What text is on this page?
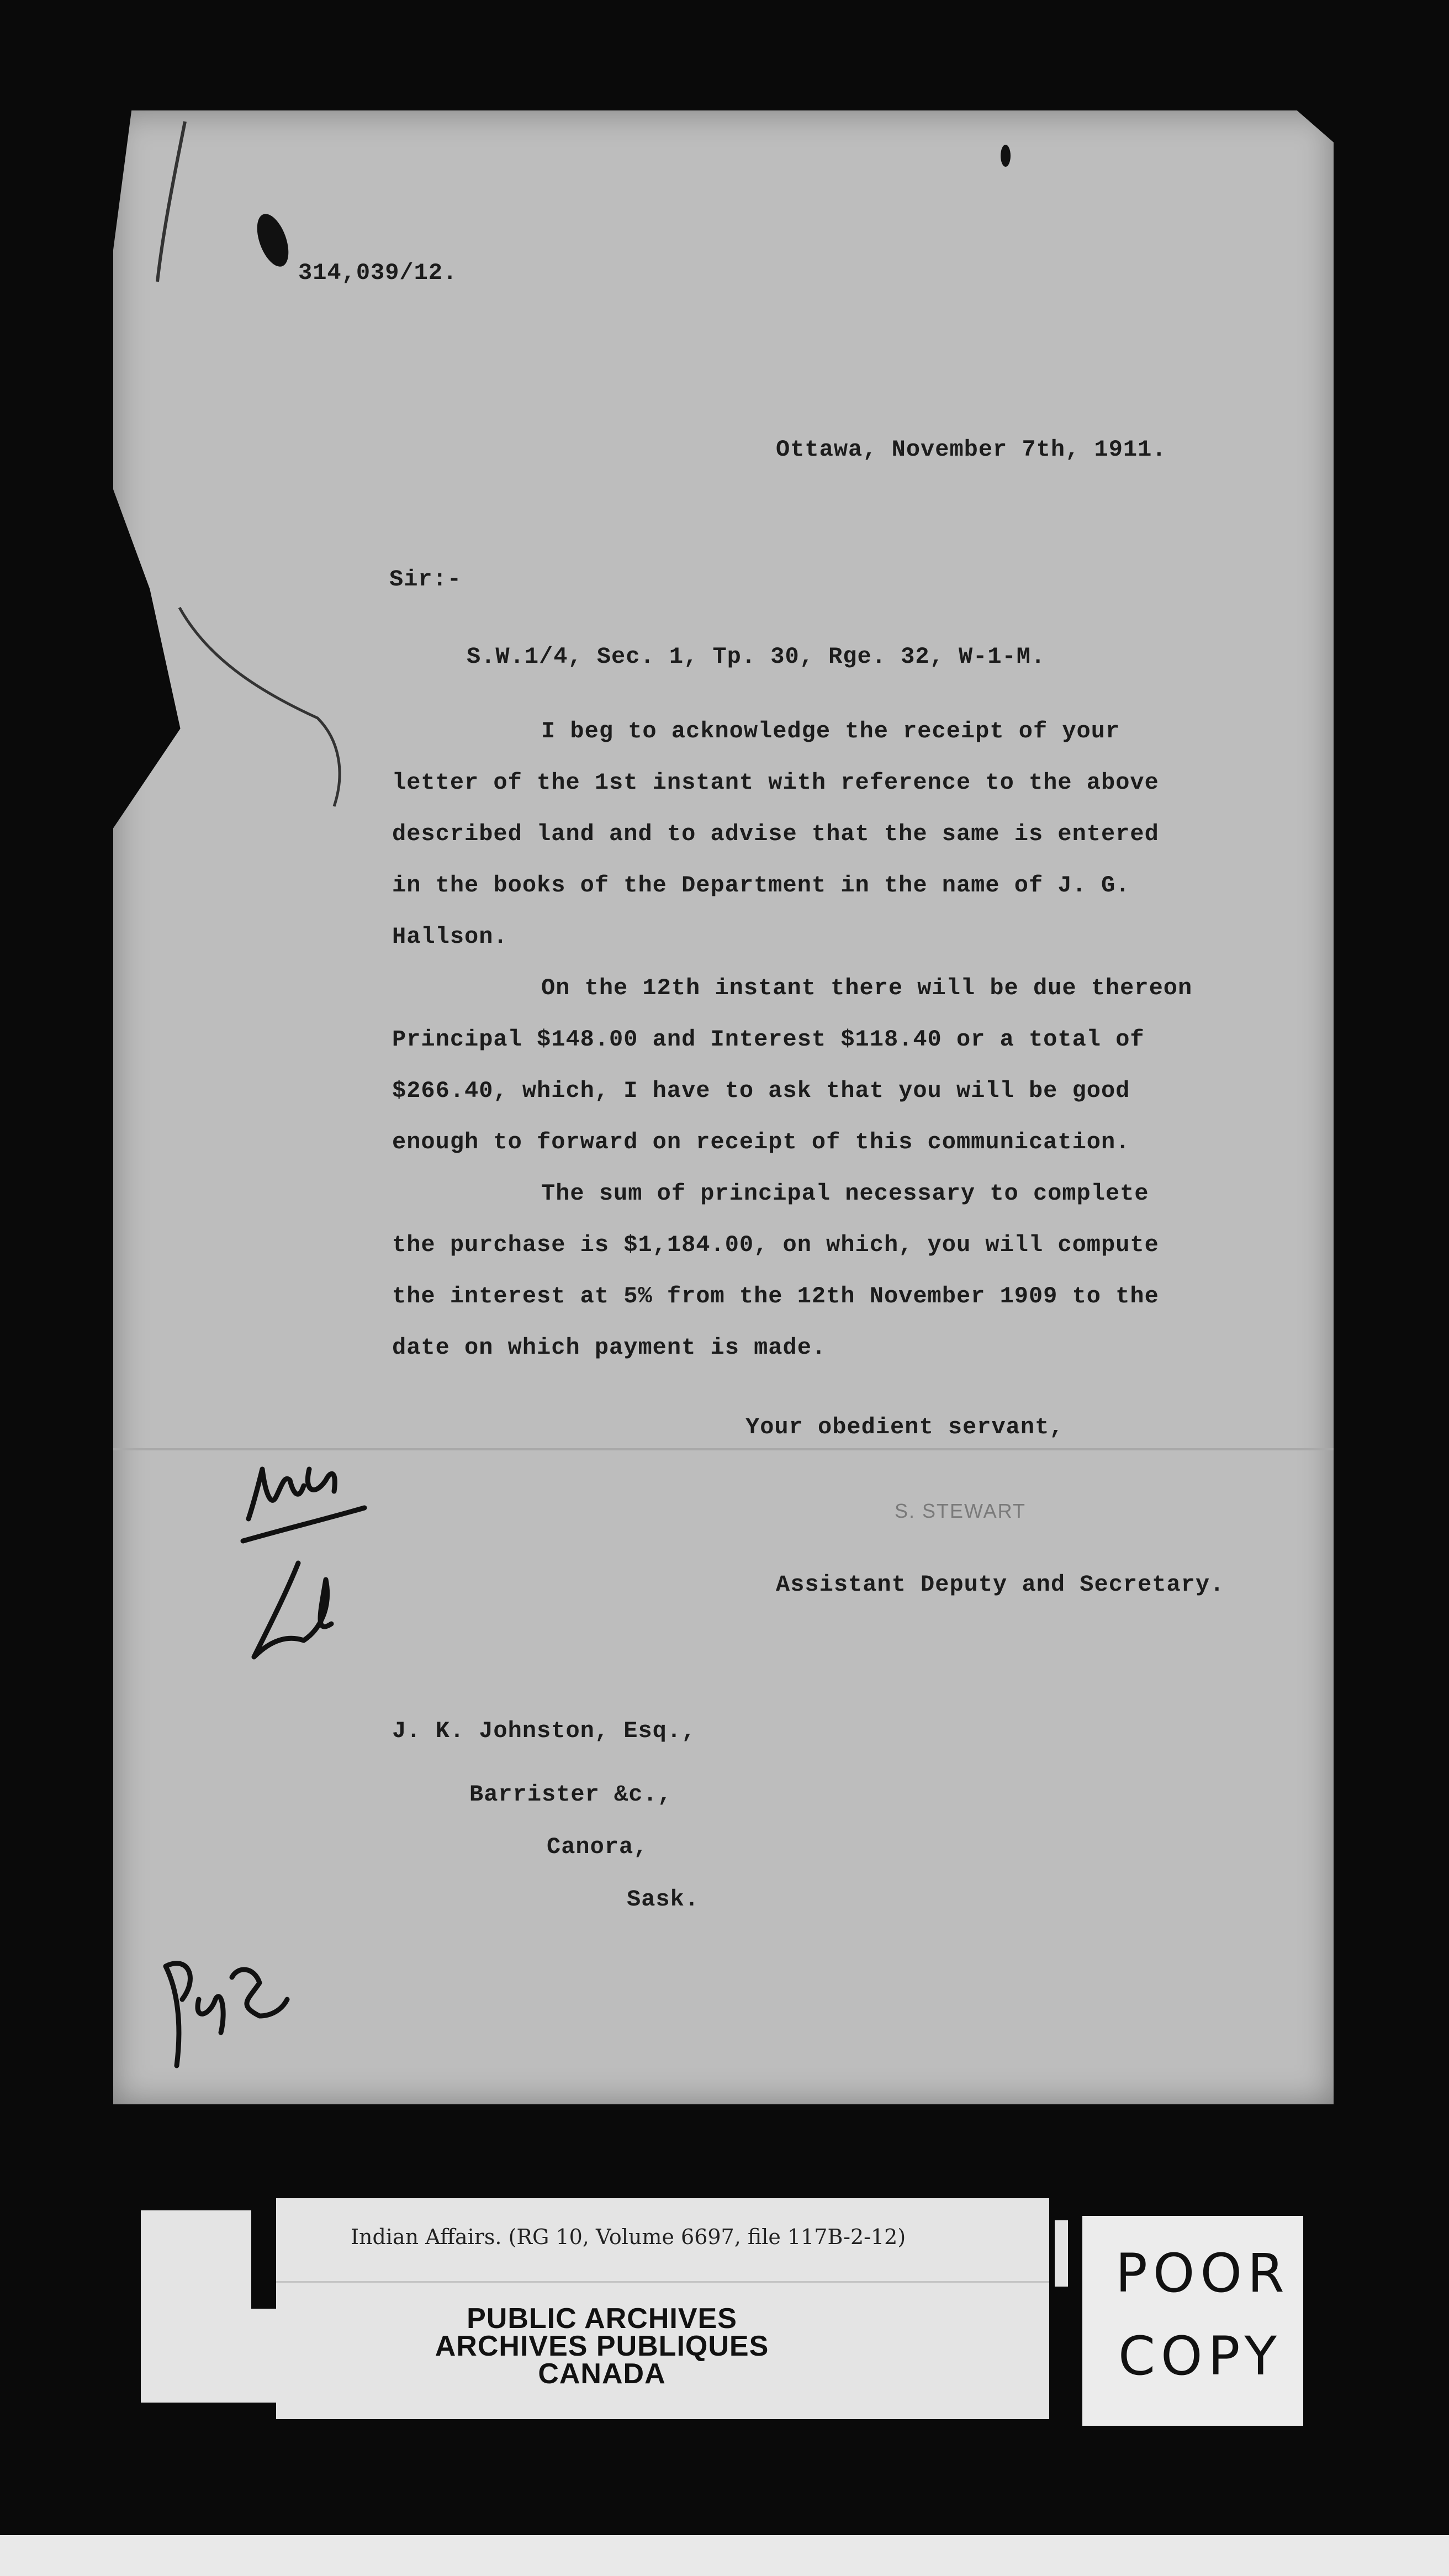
314,039/12.
Ottawa, November 7th, 1911.
Sir:-
S.W.1/4, Sec. 1, Tp. 30, Rge. 32, W-1-M.
I beg to acknowledge the receipt of your
letter of the 1st instant with reference to the above
described land and to advise that the same is entered
in the books of the Department in the name of J. G.
Hallson.
On the 12th instant there will be due thereon
Principal $148.00 and Interest $118.40 or a total of
$266.40, which, I have to ask that you will be good
enough to forward on receipt of this communication.
The sum of principal necessary to complete
the purchase is $1,184.00, on which, you will compute
the interest at 5% from the 12th November 1909 to the
date on which payment is made.
Your obedient servant,
S. STEWART
Assistant Deputy and Secretary.
J. K. Johnston, Esq.,
Barrister &c.,
Canora,
Sask.
Indian Affairs. (RG 10, Volume 6697, file 117B-2-12)
PUBLIC ARCHIVES
ARCHIVES PUBLIQUES
CANADA
POOR
COPY
